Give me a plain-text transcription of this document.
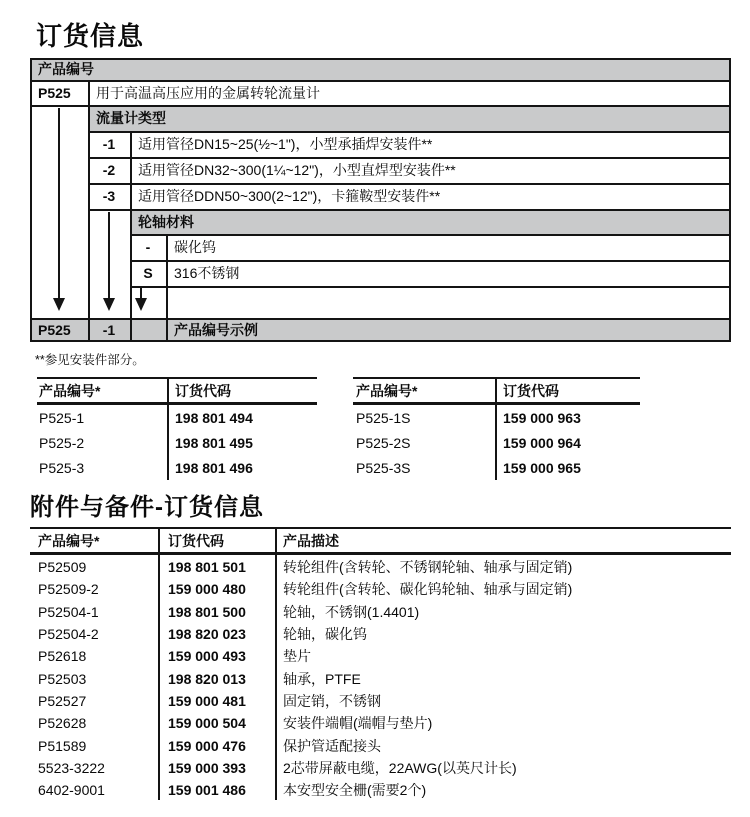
订货信息
产品编号
P525 用于高温高压应用的金属转轮流量计
流量计类型
-1	适用管径DN15~25(½~1")，小型承插焊安装件**
-2	适用管径DN32~300(1¼~12")，小型直焊型安装件**
-3	适用管径DDN50~300(2~12")，卡箍鞍型安装件**
轮轴材料
-	碳化钨
S	316不锈钢
P525	-1	产品编号示例
**参见安装件部分。
产品编号*	订货代码
P525-1	198 801 494
P525-2	198 801 495
P525-3	198 801 496
产品编号*	订货代码
P525-1S	159 000 963
P525-2S	159 000 964
P525-3S	159 000 965
附件与备件-订货信息
产品编号*	订货代码	产品描述
P52509	198 801 501	转轮组件(含转轮、不锈钢轮轴、轴承与固定销)
P52509-2	159 000 480	转轮组件(含转轮、碳化钨轮轴、轴承与固定销)
P52504-1	198 801 500	轮轴，不锈钢(1.4401)
P52504-2	198 820 023	轮轴，碳化钨
P52618	159 000 493	垫片
P52503	198 820 013	轴承，PTFE
P52527	159 000 481	固定销，不锈钢
P52628	159 000 504	安装件端帽(端帽与垫片)
P51589	159 000 476	保护管适配接头
5523-3222	159 000 393	2芯带屏蔽电缆，22AWG(以英尺计长)
6402-9001	159 001 486	本安型安全栅(需要2个)
